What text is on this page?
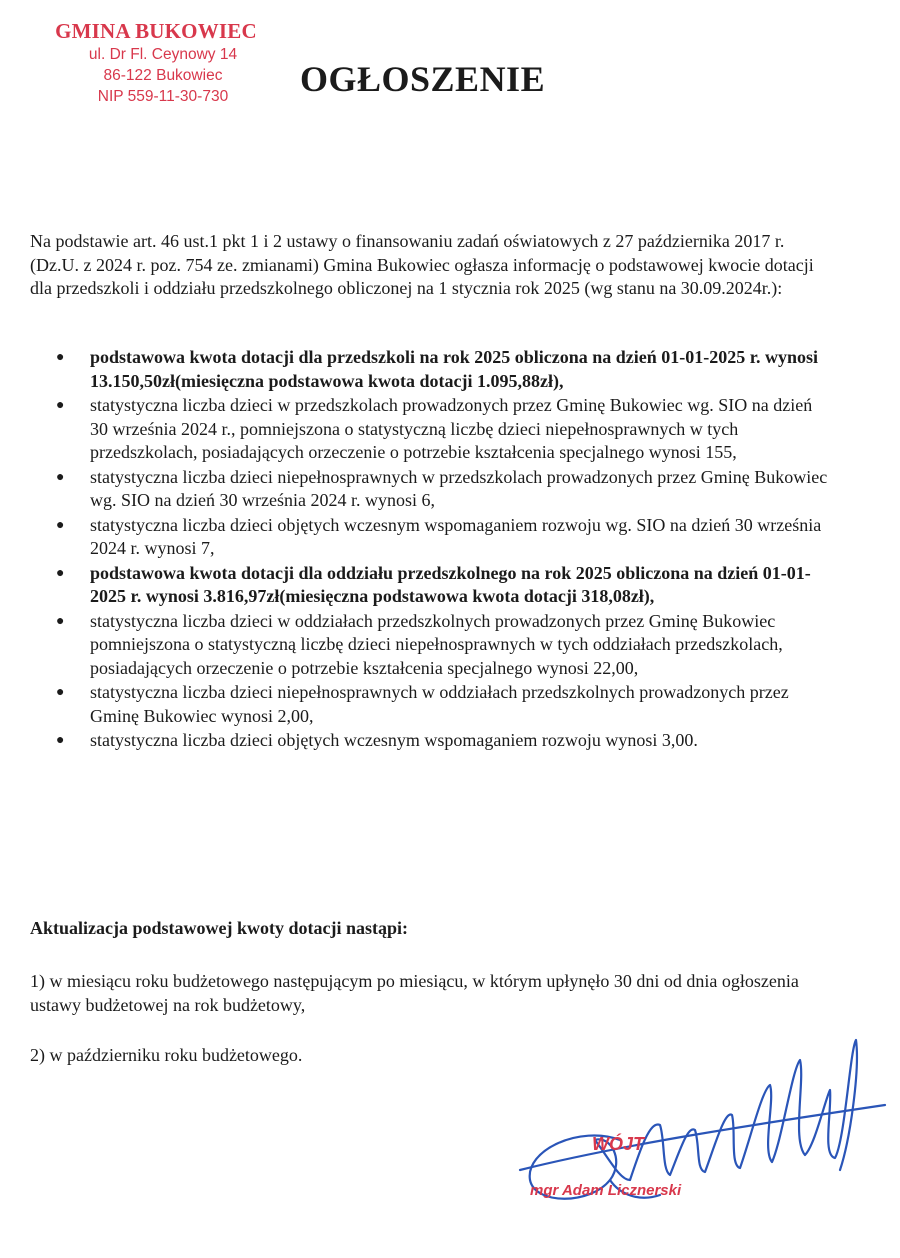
GMINA BUKOWIEC
ul. Dr Fl. Ceynowy 14
86-122 Bukowiec
NIP 559-11-30-730	OGŁOSZENIE

Na podstawie art. 46 ust.1 pkt 1 i 2 ustawy o finansowaniu zadań oświatowych z 27 października 2017 r. (Dz.U. z 2024 r. poz. 754 ze. zmianami) Gmina Bukowiec ogłasza informację o podstawowej kwocie dotacji dla przedszkoli i oddziału przedszkolnego obliczonej na 1 stycznia rok 2025 (wg stanu na 30.09.2024r.):

● podstawowa kwota dotacji dla przedszkoli na rok 2025 obliczona na dzień 01-01-2025 r. wynosi 13.150,50zł(miesięczna podstawowa kwota dotacji 1.095,88zł),
● statystyczna liczba dzieci w przedszkolach prowadzonych przez Gminę Bukowiec wg. SIO na dzień 30 września 2024 r., pomniejszona o statystyczną liczbę dzieci niepełnosprawnych w tych przedszkolach, posiadających orzeczenie o potrzebie kształcenia specjalnego wynosi 155,
● statystyczna liczba dzieci niepełnosprawnych w przedszkolach prowadzonych przez Gminę Bukowiec wg. SIO na dzień 30 września 2024 r. wynosi 6,
● statystyczna liczba dzieci objętych wczesnym wspomaganiem rozwoju wg. SIO na dzień 30 września 2024 r. wynosi 7,
● podstawowa kwota dotacji dla oddziału przedszkolnego na rok 2025 obliczona na dzień 01-01-2025 r. wynosi 3.816,97zł(miesięczna podstawowa kwota dotacji 318,08zł),
● statystyczna liczba dzieci w oddziałach przedszkolnych prowadzonych przez Gminę Bukowiec pomniejszona o statystyczną liczbę dzieci niepełnosprawnych w tych oddziałach przedszkolach, posiadających orzeczenie o potrzebie kształcenia specjalnego wynosi 22,00,
● statystyczna liczba dzieci niepełnosprawnych w oddziałach przedszkolnych prowadzonych przez Gminę Bukowiec wynosi 2,00,
● statystyczna liczba dzieci objętych wczesnym wspomaganiem rozwoju wynosi 3,00.
Aktualizacja podstawowej kwoty dotacji nastąpi:

1) w miesiącu roku budżetowego następującym po miesiącu, w którym upłynęło 30 dni od dnia ogłoszenia ustawy budżetowej na rok budżetowy,

2) w październiku roku budżetowego.

WÓJT
mgr Adam Licznerski
